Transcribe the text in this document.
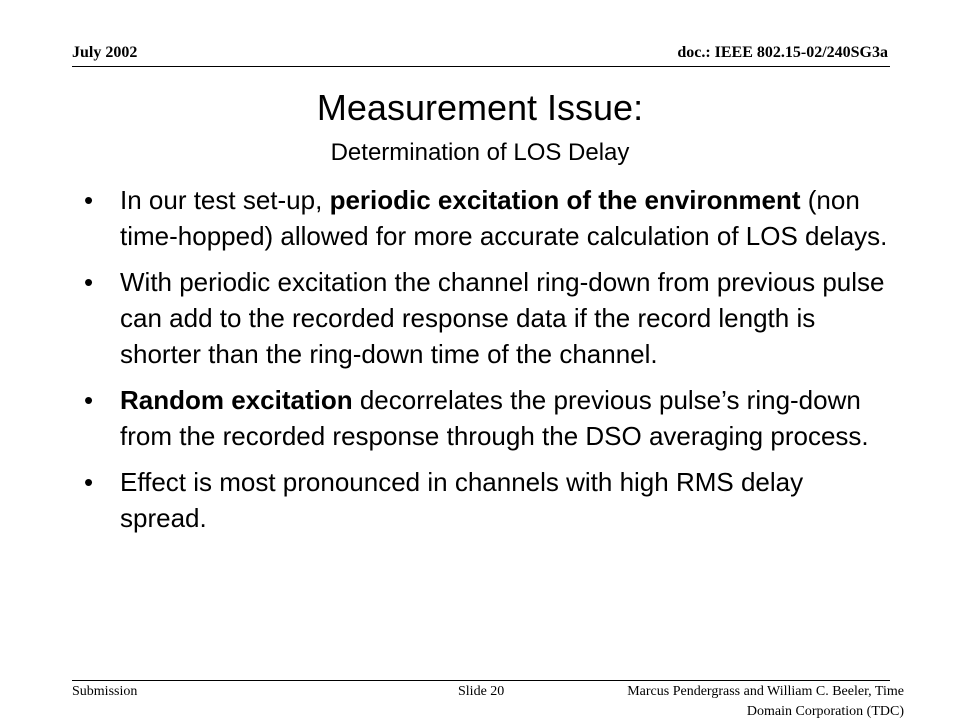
July 2002	doc.: IEEE 802.15-02/240SG3a
Measurement Issue:
Determination of LOS Delay
• In our test set-up, periodic excitation of the environment (non time-hopped) allowed for more accurate calculation of LOS delays.
• With periodic excitation the channel ring-down from previous pulse can add to the recorded response data if the record length is shorter than the ring-down time of the channel.
• Random excitation decorrelates the previous pulse’s ring-down from the recorded response through the DSO averaging process.
• Effect is most pronounced in channels with high RMS delay spread.
Submission	Slide 20	Marcus Pendergrass and William C. Beeler, Time
Domain Corporation (TDC)
